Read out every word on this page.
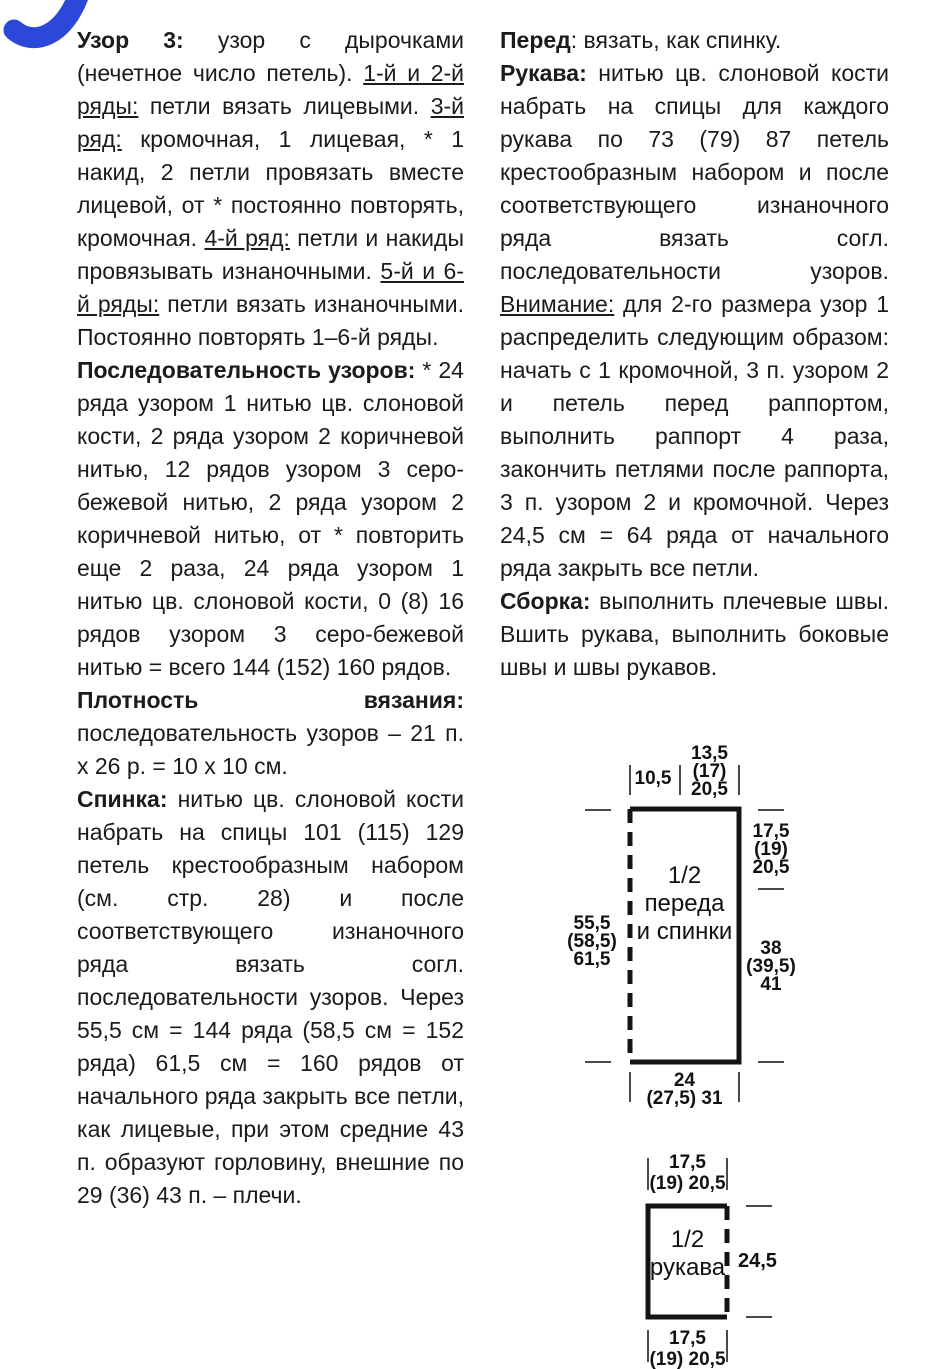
Узор 3: узор с дырочками (нечетное число петель). 1-й и 2-й ряды: петли вязать лицевыми. 3-й ряд: кромочная, 1 лицевая, * 1 накид, 2 петли провязать вместе лицевой, от * постоянно повторять, кромочная. 4-й ряд: петли и накиды провязывать изнаночными. 5-й и 6-й ряды: петли вязать изнаночными. Постоянно повторять 1–6-й ряды.

Последовательность узоров: * 24 ряда узором 1 нитью цв. слоновой кости, 2 ряда узором 2 коричневой нитью, 12 рядов узором 3 серо-бежевой нитью, 2 ряда узором 2 коричневой нитью, от * повторить еще 2 раза, 24 ряда узором 1 нитью цв. слоновой кости, 0 (8) 16 рядов узором 3 серо-бежевой нитью = всего 144 (152) 160 рядов.

Плотность вязания: последовательность узоров – 21 п. х 26 р. = 10 х 10 см.

Спинка: нитью цв. слоновой кости набрать на спицы 101 (115) 129 петель крестообразным набором (см. стр. 28) и после соответствующего изнаночного ряда вязать согл. последовательности узоров. Через 55,5 см = 144 ряда (58,5 см = 152 ряда) 61,5 см = 160 рядов от начального ряда закрыть все петли, как лицевые, при этом средние 43 п. образуют горловину, внешние по 29 (36) 43 п. – плечи.

Перед: вязать, как спинку.

Рукава: нитью цв. слоновой кости набрать на спицы для каждого рукава по 73 (79) 87 петель крестообразным набором и после соответствующего изнаночного ряда вязать согл. последовательности узоров. Внимание: для 2-го размера узор 1 распределить следующим образом: начать с 1 кромочной, 3 п. узором 2 и петель перед раппортом, выполнить раппорт 4 раза, закончить петлями после раппорта, 3 п. узором 2 и кромочной. Через 24,5 см = 64 ряда от начального ряда закрыть все петли.

Сборка: выполнить плечевые швы. Вшить рукава, выполнить боковые швы и швы рукавов.

10,5
13,5
(17)
20,5
55,5
(58,5)
61,5
1/2
переда
и спинки
17,5
(19)
20,5
38
(39,5)
41
24
(27,5) 31
17,5
(19) 20,5
1/2
рукава 24,5
17,5
(19) 20,5
